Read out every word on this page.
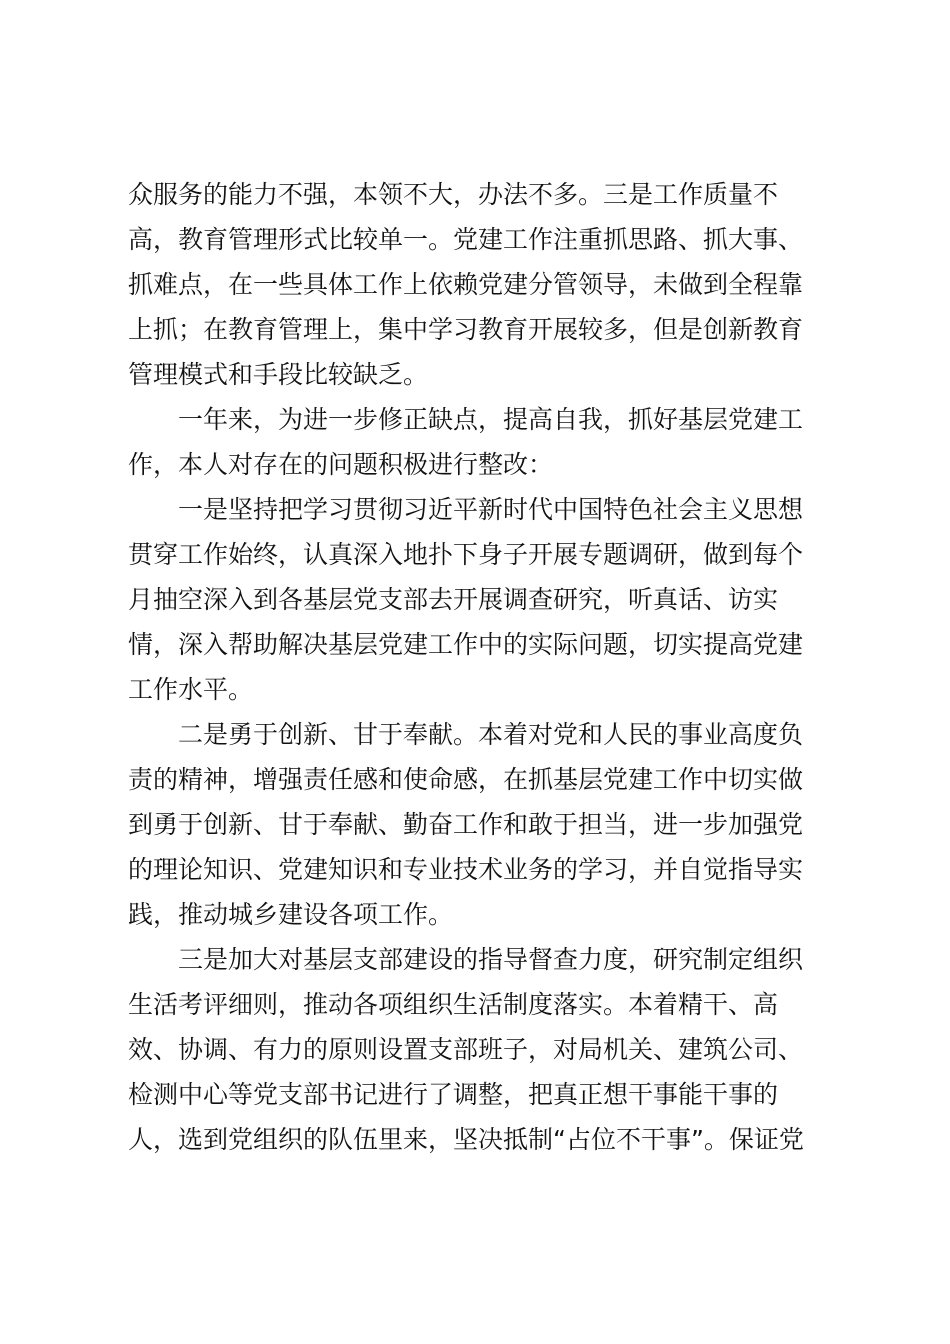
众服务的能力不强，本领不大，办法不多。三是工作质量不
高，教育管理形式比较单一。党建工作注重抓思路、抓大事、
抓难点，在一些具体工作上依赖党建分管领导，未做到全程靠
上抓；在教育管理上，集中学习教育开展较多，但是创新教育
管理模式和手段比较缺乏。
一年来，为进一步修正缺点，提高自我，抓好基层党建工
作，本人对存在的问题积极进行整改：
一是坚持把学习贯彻习近平新时代中国特色社会主义思想
贯穿工作始终，认真深入地扑下身子开展专题调研，做到每个
月抽空深入到各基层党支部去开展调查研究，听真话、访实
情，深入帮助解决基层党建工作中的实际问题，切实提高党建
工作水平。
二是勇于创新、甘于奉献。本着对党和人民的事业高度负
责的精神，增强责任感和使命感，在抓基层党建工作中切实做
到勇于创新、甘于奉献、勤奋工作和敢于担当，进一步加强党
的理论知识、党建知识和专业技术业务的学习，并自觉指导实
践，推动城乡建设各项工作。
三是加大对基层支部建设的指导督查力度，研究制定组织
生活考评细则，推动各项组织生活制度落实。本着精干、高
效、协调、有力的原则设置支部班子，对局机关、建筑公司、
检测中心等党支部书记进行了调整，把真正想干事能干事的
人，选到党组织的队伍里来，坚决抵制“占位不干事”。保证党
